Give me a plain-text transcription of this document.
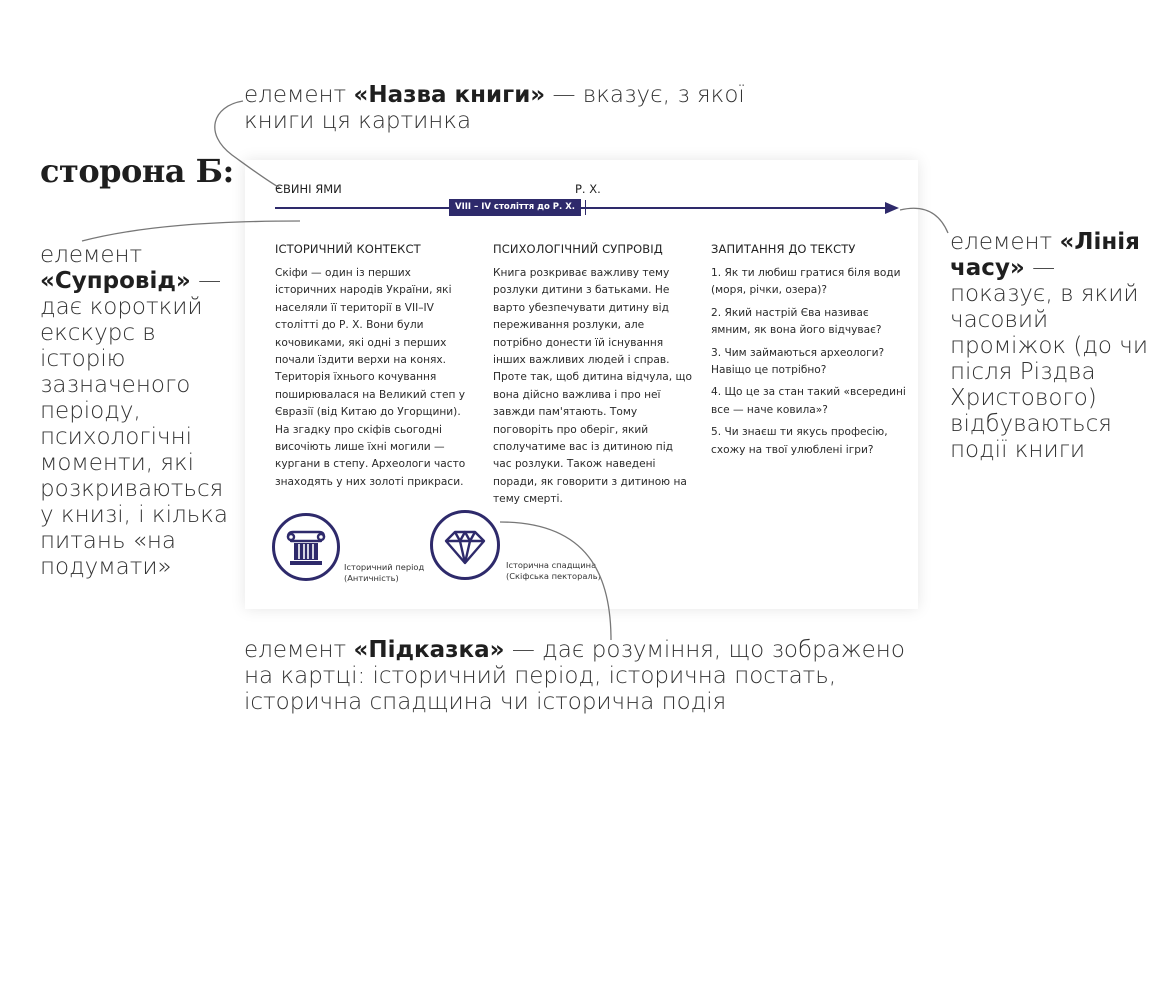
сторона Б:
елемент «Назва книги» — вказує, з якої книги ця картинка
елемент «Супровід» — дає короткий екскурс в історію зазначеного періоду, психологічні моменти, які розкриваються у книзі, і кілька питань «на подумати»
елемент «Лінія часу» — показує, в який часовий проміжок (до чи після Різдва Христового) відбуваються події книги
елемент «Підказка» — дає розуміння, що зображено на картці: історичний період, історична постать, історична спадщина чи історична подія
ЄВИНІ ЯМИ	Р. Х.
VIII – IV століття до Р. Х.
ІСТОРИЧНИЙ КОНТЕКСТ

Скіфи — один із перших історичних народів України, які населяли її території в VII–IV столітті до Р. Х. Вони були кочовиками, які одні з перших почали їздити верхи на конях. Територія їхнього кочування поширювалася на Великий степ у Євразії (від Китаю до Угорщини). На згадку про скіфів сьогодні височіють лише їхні могили — кургани в степу. Археологи часто знаходять у них золоті прикраси.

ПСИХОЛОГІЧНИЙ СУПРОВІД

Книга розкриває важливу тему розлуки дитини з батьками. Не варто убезпечувати дитину від переживання розлуки, але потрібно донести їй існування інших важливих людей і справ. Проте так, щоб дитина відчула, що вона дійсно важлива і про неї завжди пам'ятають. Тому поговоріть про оберіг, який сполучатиме вас із дитиною під час розлуки. Також наведені поради, як говорити з дитиною на тему смерті.

ЗАПИТАННЯ ДО ТЕКСТУ

1. Як ти любиш гратися біля води (моря, річки, озера)?

2. Який настрій Єва називає ямним, як вона його відчуває?

3. Чим займаються археологи? Навіщо це потрібно?

4. Що це за стан такий «всередині все — наче ковила»?

5. Чи знаєш ти якусь професію, схожу на твої улюблені ігри?

Історичний період
(Античність)
Історична спадщина
(Скіфська пектораль)
